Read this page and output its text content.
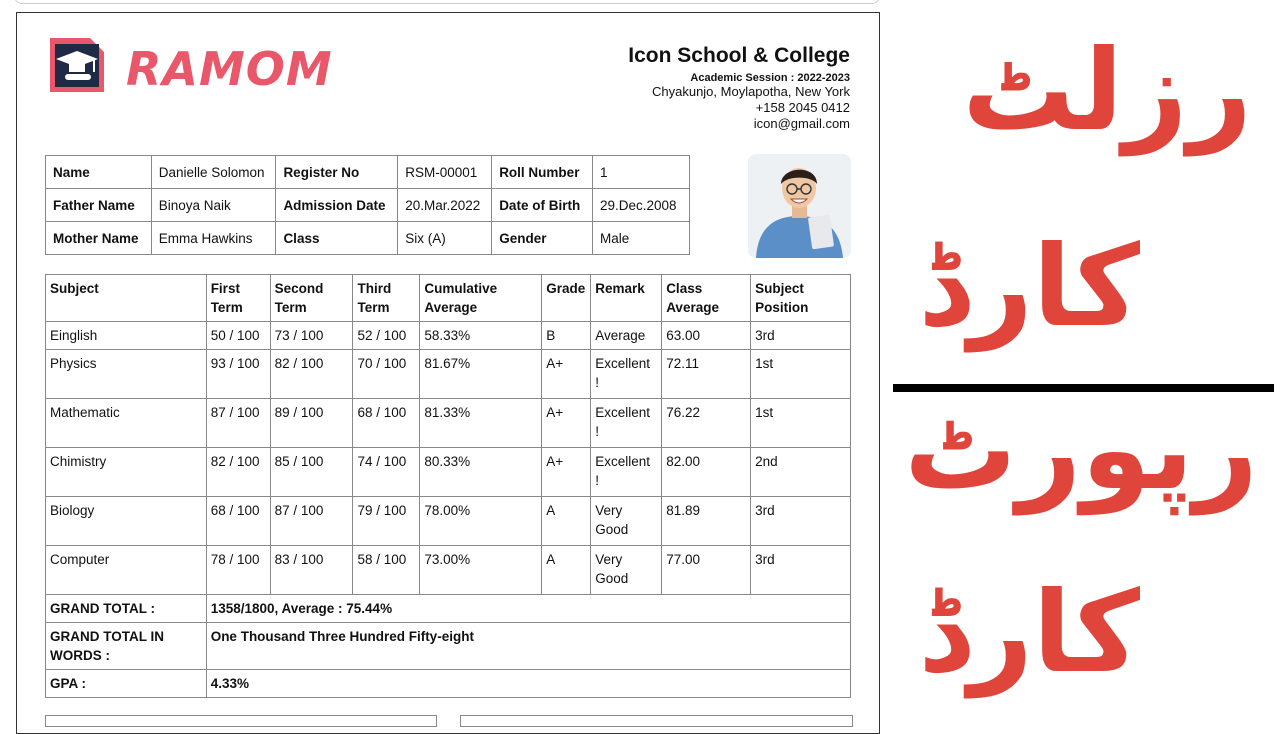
RAMOM	Icon School & College
Academic Session : 2022-2023
Chyakunjo, Moylapotha, New York
+158 2045 0412
icon@gmail.com
Name	Danielle Solomon	Register No	RSM-00001	Roll Number	1
Father Name	Binoya Naik	Admission Date	20.Mar.2022	Date of Birth	29.Dec.2008
Mother Name	Emma Hawkins	Class	Six (A)	Gender	Male
Subject	First Term	Second Term	Third Term	Cumulative Average	Grade	Remark	Class Average	Subject Position
Einglish	50 / 100	73 / 100	52 / 100	58.33%	B	Average	63.00	3rd
Physics	93 / 100	82 / 100	70 / 100	81.67%	A+	Excellent !	72.11	1st
Mathematic	87 / 100	89 / 100	68 / 100	81.33%	A+	Excellent !	76.22	1st
Chimistry	82 / 100	85 / 100	74 / 100	80.33%	A+	Excellent !	82.00	2nd
Biology	68 / 100	87 / 100	79 / 100	78.00%	A	Very Good	81.89	3rd
Computer	78 / 100	83 / 100	58 / 100	73.00%	A	Very Good	77.00	3rd
GRAND TOTAL :	1358/1800, Average : 75.44%							
GRAND TOTAL IN WORDS :	One Thousand Three Hundred Fifty-eight							
GPA :	4.33%							
رزلٹ
کارڈ
رپورٹ
کارڈ
